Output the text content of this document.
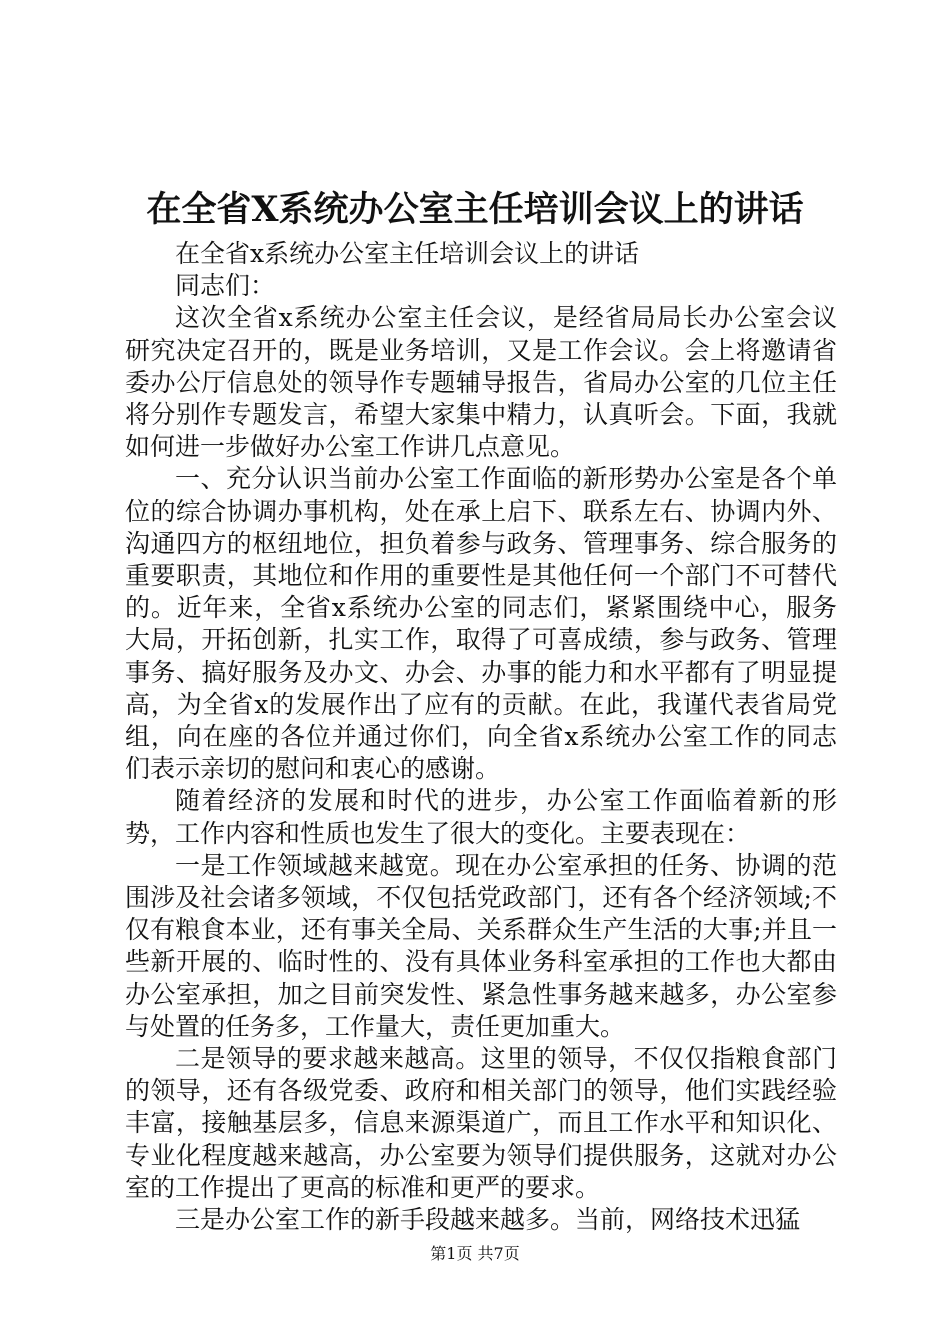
在全省X系统办公室主任培训会议上的讲话

在全省x系统办公室主任培训会议上的讲话

同志们：

这次全省x系统办公室主任会议，是经省局局长办公室会议研究决定召开的，既是业务培训，又是工作会议。会上将邀请省委办公厅信息处的领导作专题辅导报告，省局办公室的几位主任将分别作专题发言，希望大家集中精力，认真听会。下面，我就如何进一步做好办公室工作讲几点意见。

一、充分认识当前办公室工作面临的新形势办公室是各个单位的综合协调办事机构，处在承上启下、联系左右、协调内外、沟通四方的枢纽地位，担负着参与政务、管理事务、综合服务的重要职责，其地位和作用的重要性是其他任何一个部门不可替代的。近年来，全省x系统办公室的同志们，紧紧围绕中心，服务大局，开拓创新，扎实工作，取得了可喜成绩，参与政务、管理事务、搞好服务及办文、办会、办事的能力和水平都有了明显提高，为全省x的发展作出了应有的贡献。在此，我谨代表省局党组，向在座的各位并通过你们，向全省x系统办公室工作的同志们表示亲切的慰问和衷心的感谢。

随着经济的发展和时代的进步，办公室工作面临着新的形势，工作内容和性质也发生了很大的变化。主要表现在：

一是工作领域越来越宽。现在办公室承担的任务、协调的范围涉及社会诸多领域，不仅包括党政部门，还有各个经济领域;不仅有粮食本业，还有事关全局、关系群众生产生活的大事;并且一些新开展的、临时性的、没有具体业务科室承担的工作也大都由办公室承担，加之目前突发性、紧急性事务越来越多，办公室参与处置的任务多，工作量大，责任更加重大。

二是领导的要求越来越高。这里的领导，不仅仅指粮食部门的领导，还有各级党委、政府和相关部门的领导，他们实践经验丰富，接触基层多，信息来源渠道广，而且工作水平和知识化、专业化程度越来越高，办公室要为领导们提供服务，这就对办公室的工作提出了更高的标准和更严的要求。

三是办公室工作的新手段越来越多。当前，网络技术迅猛

第1页 共7页
